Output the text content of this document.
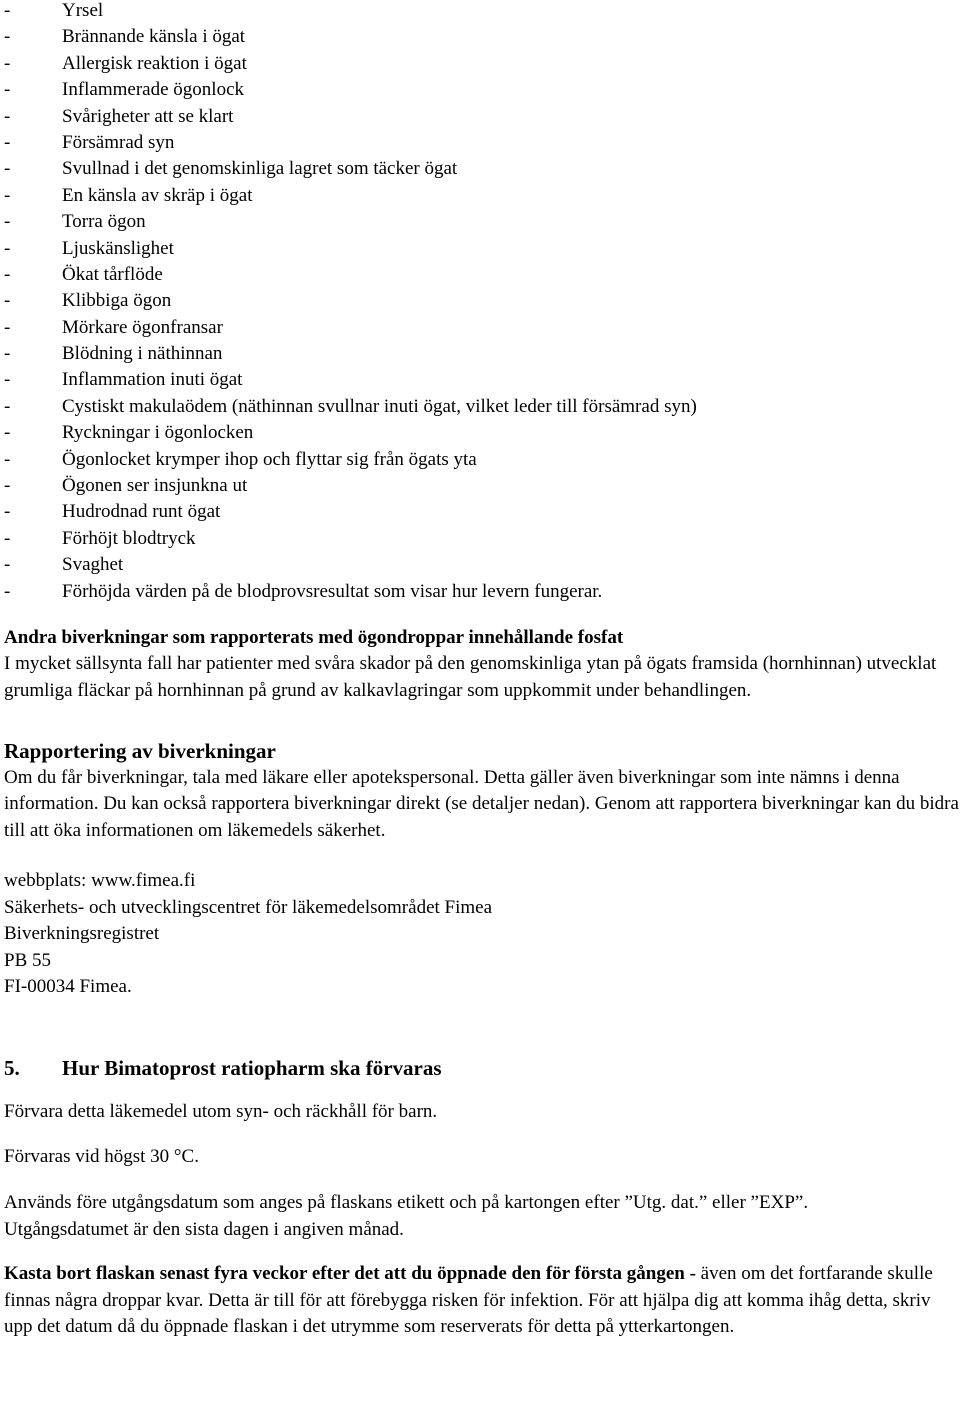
-	Yrsel
-	Brännande känsla i ögat
-	Allergisk reaktion i ögat
-	Inflammerade ögonlock
-	Svårigheter att se klart
-	Försämrad syn
-	Svullnad i det genomskinliga lagret som täcker ögat
-	En känsla av skräp i ögat
-	Torra ögon
-	Ljuskänslighet
-	Ökat tårflöde
-	Klibbiga ögon
-	Mörkare ögonfransar
-	Blödning i näthinnan
-	Inflammation inuti ögat
-	Cystiskt makulaödem (näthinnan svullnar inuti ögat, vilket leder till försämrad syn)
-	Ryckningar i ögonlocken
-	Ögonlocket krymper ihop och flyttar sig från ögats yta
-	Ögonen ser insjunkna ut
-	Hudrodnad runt ögat
-	Förhöjt blodtryck
-	Svaghet
-	Förhöjda värden på de blodprovsresultat som visar hur levern fungerar.

Andra biverkningar som rapporterats med ögondroppar innehållande fosfat

I mycket sällsynta fall har patienter med svåra skador på den genomskinliga ytan på ögats framsida (hornhinnan) utvecklat grumliga fläckar på hornhinnan på grund av kalkavlagringar som uppkommit under behandlingen.

Rapportering av biverkningar

Om du får biverkningar, tala med läkare eller apotekspersonal. Detta gäller även biverkningar som inte nämns i denna information. Du kan också rapportera biverkningar direkt (se detaljer nedan). Genom att rapportera biverkningar kan du bidra till att öka informationen om läkemedels säkerhet.

webbplats: www.fimea.fi

Säkerhets- och utvecklingscentret för läkemedelsområdet Fimea

Biverkningsregistret

PB 55

FI-00034 Fimea.

5. Hur Bimatoprost ratiopharm ska förvaras

Förvara detta läkemedel utom syn- och räckhåll för barn.

Förvaras vid högst 30 °C.

Används före utgångsdatum som anges på flaskans etikett och på kartongen efter ”Utg. dat.” eller ”EXP”.

Utgångsdatumet är den sista dagen i angiven månad.

Kasta bort flaskan senast fyra veckor efter det att du öppnade den för första gången - även om det fortfarande skulle finnas några droppar kvar. Detta är till för att förebygga risken för infektion. För att hjälpa dig att komma ihåg detta, skriv upp det datum då du öppnade flaskan i det utrymme som reserverats för detta på ytterkartongen.
